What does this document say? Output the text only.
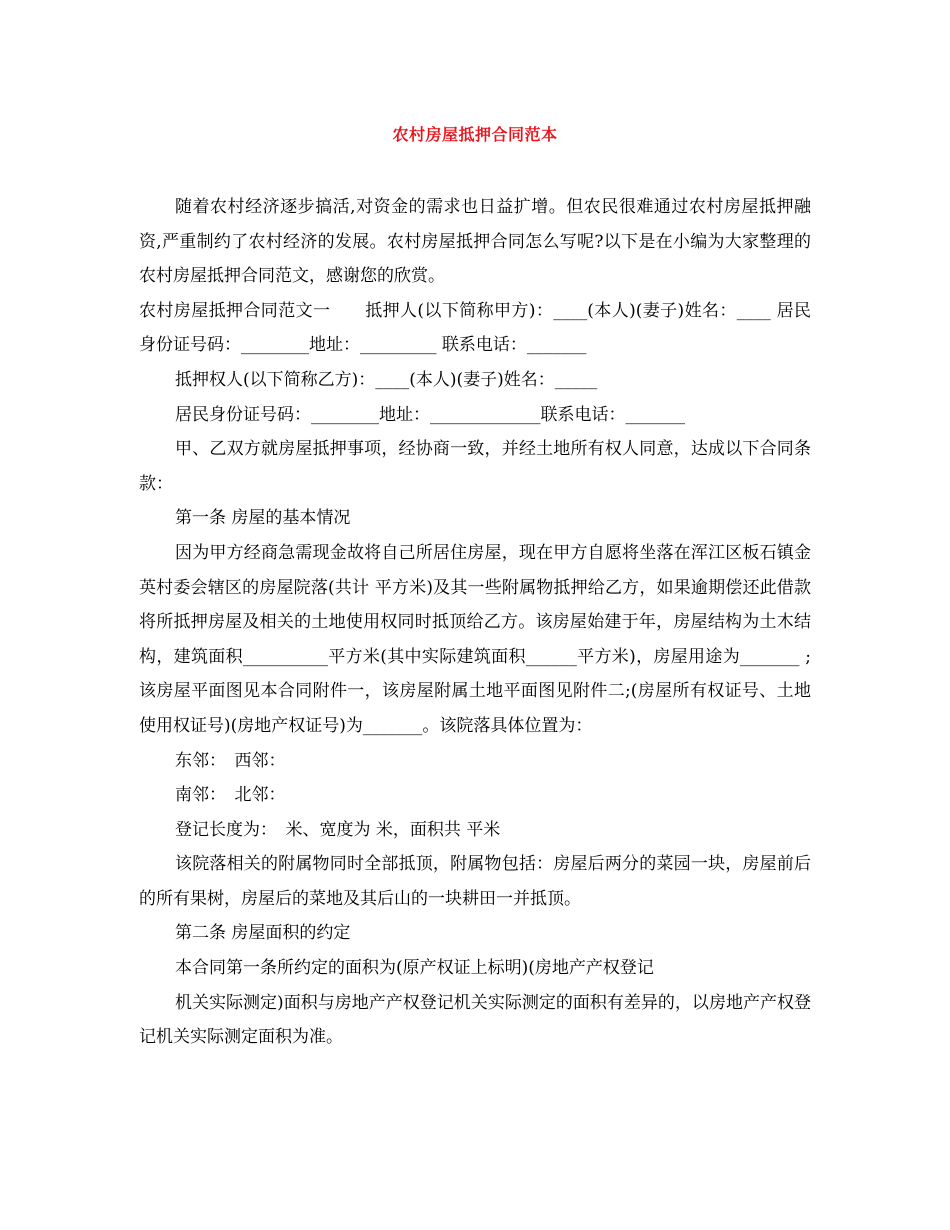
农村房屋抵押合同范本
随着农村经济逐步搞活,对资金的需求也日益扩增。但农民很难通过农村房屋抵押融资,严重制约了农村经济的发展。农村房屋抵押合同怎么写呢?以下是在小编为大家整理的农村房屋抵押合同范文，感谢您的欣赏。
农村房屋抵押合同范文一　　抵押人(以下简称甲方)：____(本人)(妻子)姓名：____ 居民身份证号码：________地址：_________ 联系电话：_______
抵押权人(以下简称乙方)：____(本人)(妻子)姓名：_____
居民身份证号码：________地址：_____________联系电话：_______
甲、乙双方就房屋抵押事项，经协商一致，并经土地所有权人同意，达成以下合同条款：
第一条 房屋的基本情况
因为甲方经商急需现金故将自己所居住房屋，现在甲方自愿将坐落在浑江区板石镇金英村委会辖区的房屋院落(共计 平方米)及其一些附属物抵押给乙方，如果逾期偿还此借款将所抵押房屋及相关的土地使用权同时抵顶给乙方。该房屋始建于年，房屋结构为土木结构，建筑面积__________平方米(其中实际建筑面积______平方米)，房屋用途为_______ ;该房屋平面图见本合同附件一，该房屋附属土地平面图见附件二;(房屋所有权证号、土地使用权证号)(房地产权证号)为_______。该院落具体位置为：
东邻：　西邻：
南邻：　北邻：
登记长度为：　米、宽度为 米，面积共 平米
该院落相关的附属物同时全部抵顶，附属物包括：房屋后两分的菜园一块，房屋前后的所有果树，房屋后的菜地及其后山的一块耕田一并抵顶。
第二条 房屋面积的约定
本合同第一条所约定的面积为(原产权证上标明)(房地产产权登记
机关实际测定)面积与房地产产权登记机关实际测定的面积有差异的，以房地产产权登记机关实际测定面积为准。
